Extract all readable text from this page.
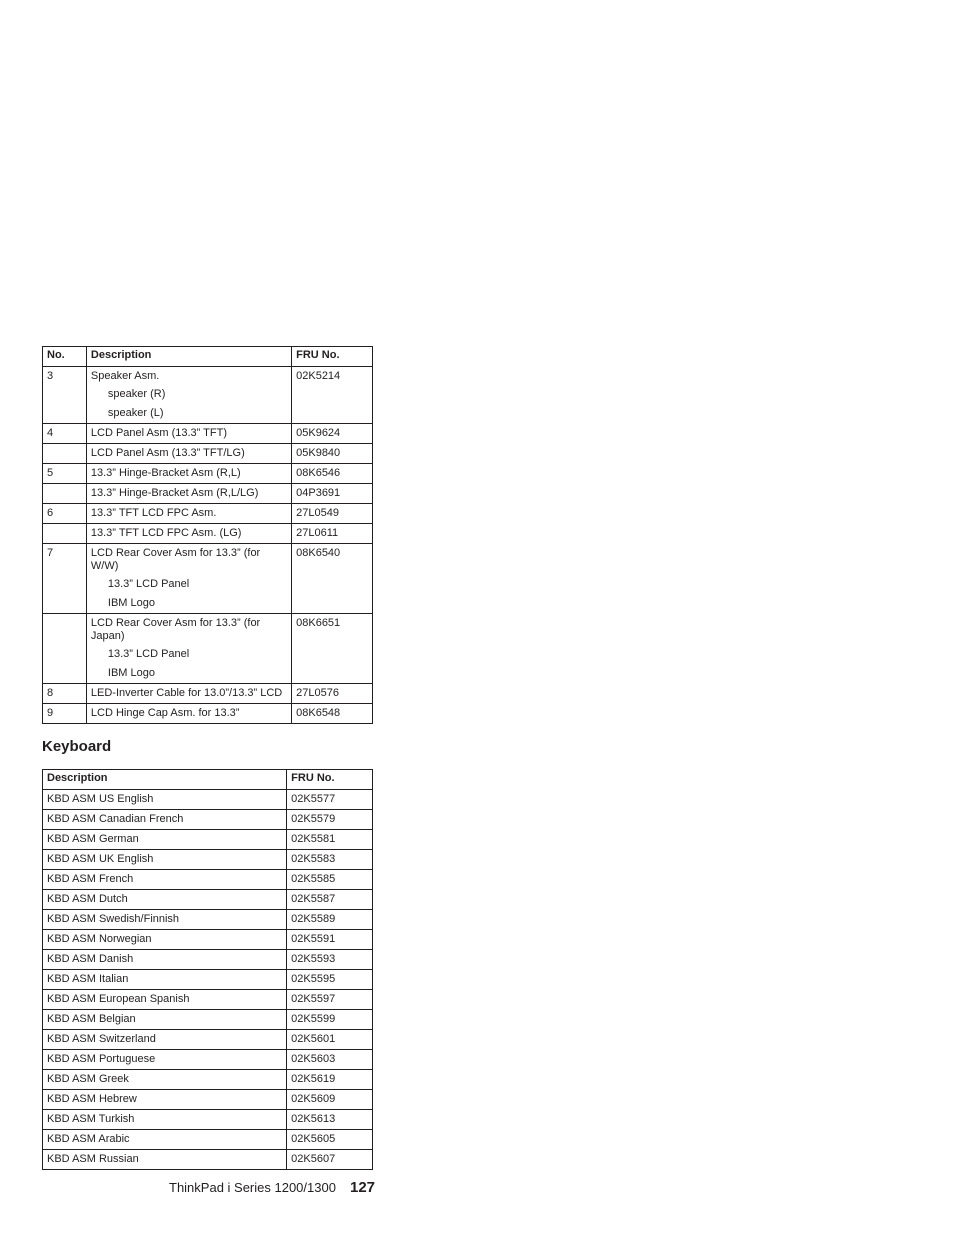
No.	Description	FRU No.
3	Speaker Asm.
speaker (R)
speaker (L)	02K5214
4	LCD Panel Asm (13.3” TFT)	05K9624
	LCD Panel Asm (13.3” TFT/LG)	05K9840
5	13.3” Hinge-Bracket Asm (R,L)	08K6546
	13.3” Hinge-Bracket Asm (R,L/LG)	04P3691
6	13.3” TFT LCD FPC Asm.	27L0549
	13.3” TFT LCD FPC Asm. (LG)	27L0611
7	LCD Rear Cover Asm for 13.3” (for W/W)
13.3” LCD Panel
IBM Logo	08K6540
	LCD Rear Cover Asm for 13.3” (for Japan)
13.3” LCD Panel
IBM Logo	08K6651
8	LED-Inverter Cable for 13.0”/13.3” LCD	27L0576
9	LCD Hinge Cap Asm. for 13.3”	08K6548
Keyboard
Description	FRU No.
KBD ASM US English	02K5577
KBD ASM Canadian French	02K5579
KBD ASM German	02K5581
KBD ASM UK English	02K5583
KBD ASM French	02K5585
KBD ASM Dutch	02K5587
KBD ASM Swedish/Finnish	02K5589
KBD ASM Norwegian	02K5591
KBD ASM Danish	02K5593
KBD ASM Italian	02K5595
KBD ASM European Spanish	02K5597
KBD ASM Belgian	02K5599
KBD ASM Switzerland	02K5601
KBD ASM Portuguese	02K5603
KBD ASM Greek	02K5619
KBD ASM Hebrew	02K5609
KBD ASM Turkish	02K5613
KBD ASM Arabic	02K5605
KBD ASM Russian	02K5607
ThinkPad i Series 1200/1300 127
